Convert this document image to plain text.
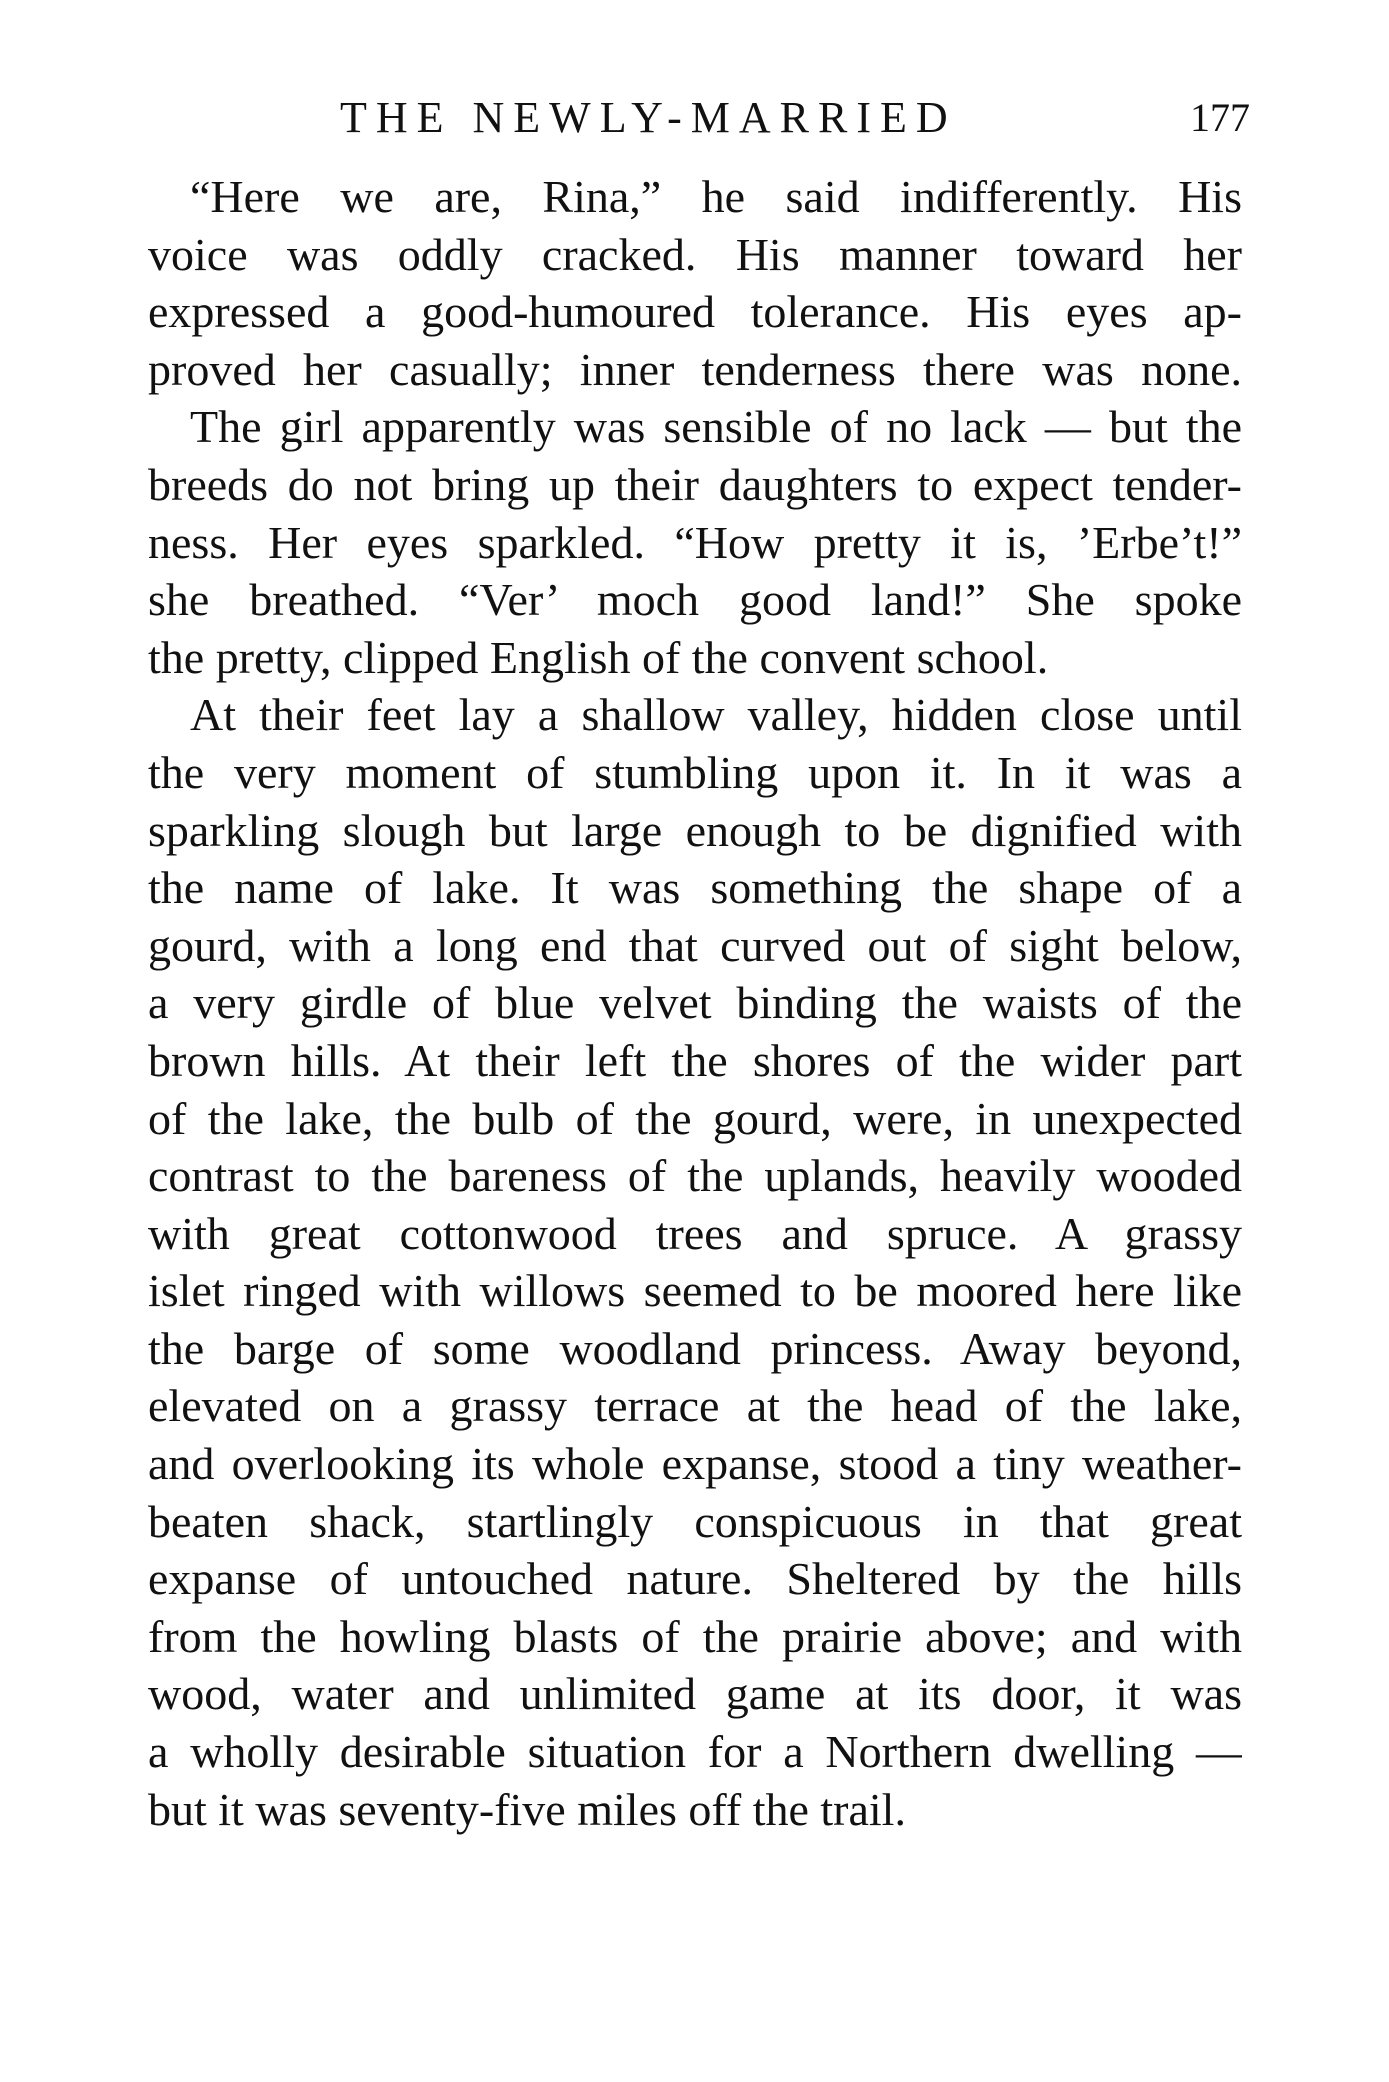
THE NEWLY-MARRIED	177
“Here we are, Rina,” he said indifferently. His
voice was oddly cracked. His manner toward her
expressed a good-humoured tolerance. His eyes ap-
proved her casually; inner tenderness there was none.
The girl apparently was sensible of no lack — but the
breeds do not bring up their daughters to expect tender-
ness. Her eyes sparkled. “How pretty it is, ’Erbe’t!”
she breathed. “Ver’ moch good land!” She spoke
the pretty, clipped English of the convent school.
At their feet lay a shallow valley, hidden close until
the very moment of stumbling upon it. In it was a
sparkling slough but large enough to be dignified with
the name of lake. It was something the shape of a
gourd, with a long end that curved out of sight below,
a very girdle of blue velvet binding the waists of the
brown hills. At their left the shores of the wider part
of the lake, the bulb of the gourd, were, in unexpected
contrast to the bareness of the uplands, heavily wooded
with great cottonwood trees and spruce. A grassy
islet ringed with willows seemed to be moored here like
the barge of some woodland princess. Away beyond,
elevated on a grassy terrace at the head of the lake,
and overlooking its whole expanse, stood a tiny weather-
beaten shack, startlingly conspicuous in that great
expanse of untouched nature. Sheltered by the hills
from the howling blasts of the prairie above; and with
wood, water and unlimited game at its door, it was
a wholly desirable situation for a Northern dwelling —
but it was seventy-five miles off the trail.
